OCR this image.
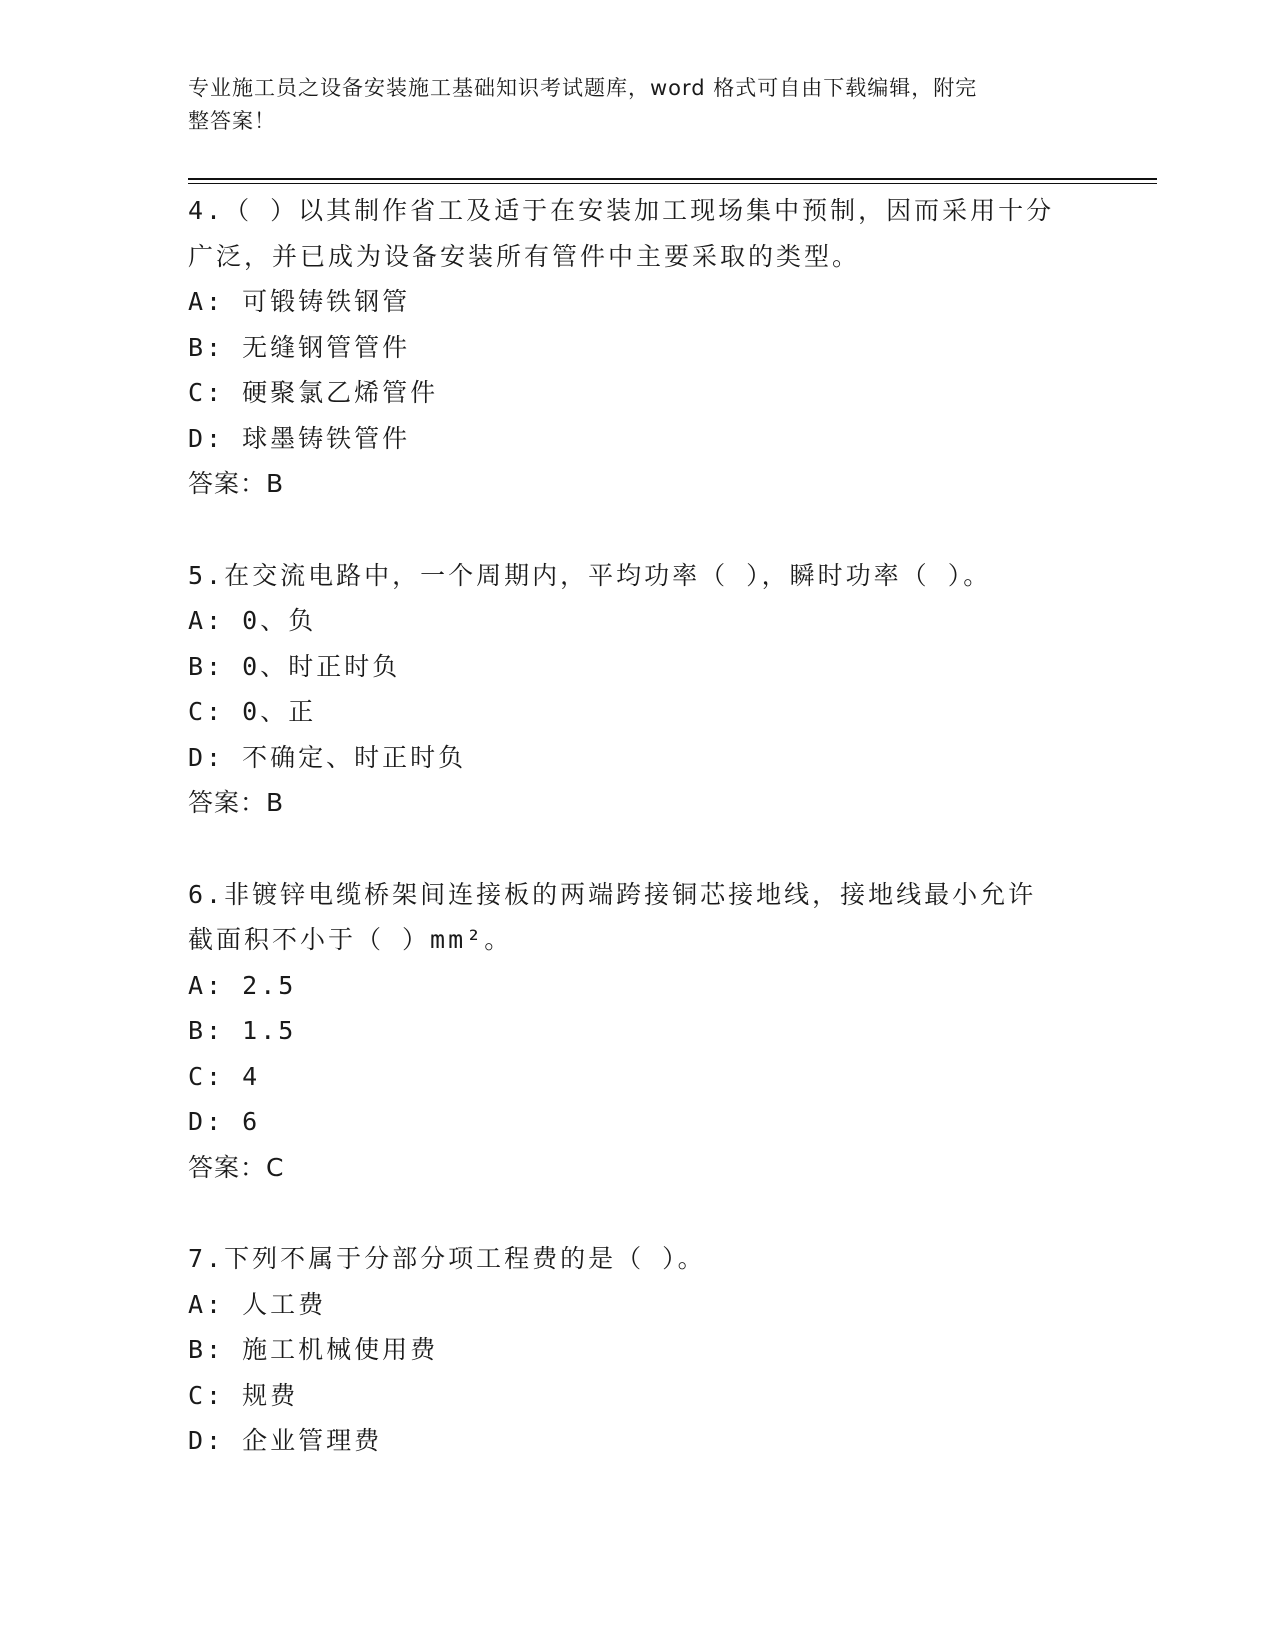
专业施工员之设备安装施工基础知识考试题库，word 格式可自由下载编辑，附完
整答案！
4.（ ）以其制作省工及适于在安装加工现场集中预制，因而采用十分
广泛，并已成为设备安装所有管件中主要采取的类型。
A: 可锻铸铁钢管
B: 无缝钢管管件
C: 硬聚氯乙烯管件
D: 球墨铸铁管件
答案：B
5.在交流电路中，一个周期内，平均功率（ ），瞬时功率（ ）。
A: 0、负
B: 0、时正时负
C: 0、正
D: 不确定、时正时负
答案：B
6.非镀锌电缆桥架间连接板的两端跨接铜芯接地线，接地线最小允许
截面积不小于（ ）mm²。
A: 2.5
B: 1.5
C: 4
D: 6
答案：C
7.下列不属于分部分项工程费的是（ ）。
A: 人工费
B: 施工机械使用费
C: 规费
D: 企业管理费
